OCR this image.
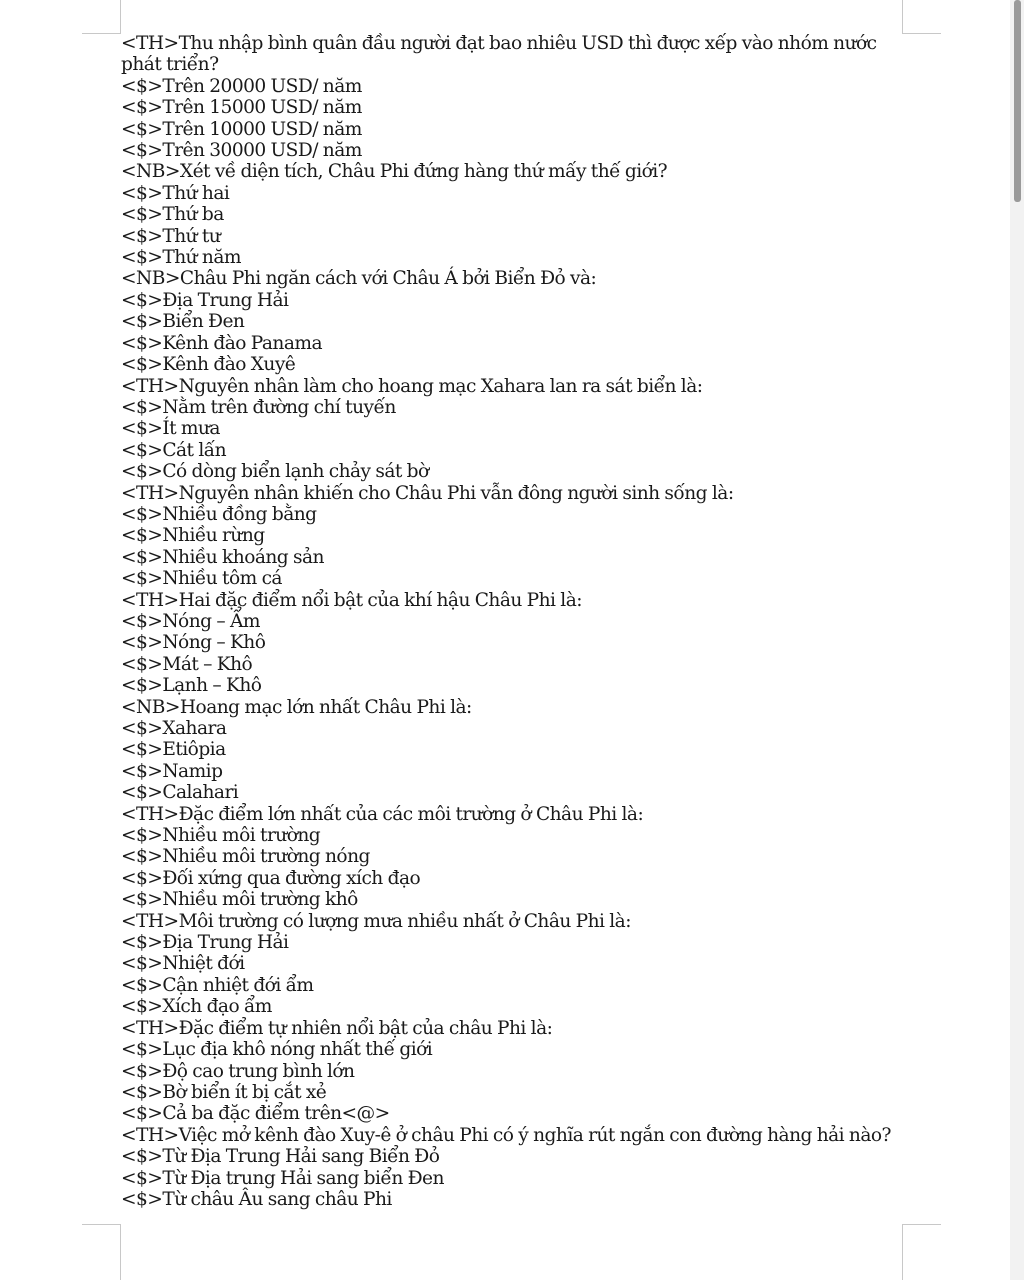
<TH>Thu nhập bình quân đầu người đạt bao nhiêu USD thì được xếp vào nhóm nước phát triển?
<$>Trên 20000 USD/ năm
<$>Trên 15000 USD/ năm
<$>Trên 10000 USD/ năm
<$>Trên 30000 USD/ năm
<NB>Xét về diện tích, Châu Phi đứng hàng thứ mấy thế giới?
<$>Thứ hai
<$>Thứ ba
<$>Thứ tư
<$>Thứ năm
<NB>Châu Phi ngăn cách với Châu Á bởi Biển Đỏ và:
<$>Địa Trung Hải
<$>Biển Đen
<$>Kênh đào Panama
<$>Kênh đào Xuyê
<TH>Nguyên nhân làm cho hoang mạc Xahara lan ra sát biển là:
<$>Nằm trên đường chí tuyến
<$>Ít mưa
<$>Cát lấn
<$>Có dòng biển lạnh chảy sát bờ
<TH>Nguyên nhân khiến cho Châu Phi vẫn đông người sinh sống là:
<$>Nhiều đồng bằng
<$>Nhiều rừng
<$>Nhiều khoáng sản
<$>Nhiều tôm cá
<TH>Hai đặc điểm nổi bật của khí hậu Châu Phi là:
<$>Nóng – Ẩm
<$>Nóng – Khô
<$>Mát – Khô
<$>Lạnh – Khô
<NB>Hoang mạc lớn nhất Châu Phi là:
<$>Xahara
<$>Etiôpia
<$>Namip
<$>Calahari
<TH>Đặc điểm lớn nhất của các môi trường ở Châu Phi là:
<$>Nhiều môi trường
<$>Nhiều môi trường nóng
<$>Đối xứng qua đường xích đạo
<$>Nhiều môi trường khô
<TH>Môi trường có lượng mưa nhiều nhất ở Châu Phi là:
<$>Địa Trung Hải
<$>Nhiệt đới
<$>Cận nhiệt đới ẩm
<$>Xích đạo ẩm
<TH>Đặc điểm tự nhiên nổi bật của châu Phi là:
<$>Lục địa khô nóng nhất thế giới
<$>Độ cao trung bình lớn
<$>Bờ biển ít bị cắt xẻ
<$>Cả ba đặc điểm trên<@>
<TH>Việc mở kênh đào Xuy-ê ở châu Phi có ý nghĩa rút ngắn con đường hàng hải nào?
<$>Từ Địa Trung Hải sang Biển Đỏ
<$>Từ Địa trung Hải sang biển Đen
<$>Từ châu Âu sang châu Phi
